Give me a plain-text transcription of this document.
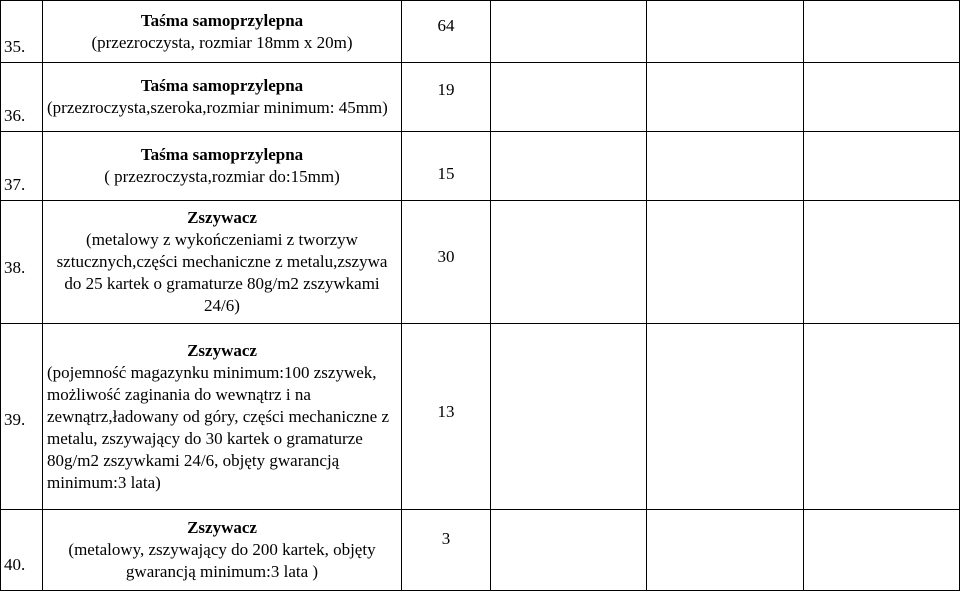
35.	Taśma samoprzylepna
(przezroczysta, rozmiar 18mm x 20m)	64			

36.	Taśma samoprzylepna
(przezroczysta,szeroka,rozmiar minimum: 45mm)	19			

37.	Taśma samoprzylepna
( przezroczysta,rozmiar do:15mm)	15			

38.	Zszywacz
(metalowy z wykończeniami z tworzyw sztucznych,części mechaniczne z metalu,zszywa do 25 kartek o gramaturze 80g/m2 zszywkami 24/6)	30			

39.	Zszywacz
(pojemność magazynku minimum:100 zszywek, możliwość zaginania do wewnątrz i na zewnątrz,ładowany od góry, części mechaniczne z metalu, zszywający do 30 kartek o gramaturze 80g/m2 zszywkami 24/6, objęty gwarancją minimum:3 lata)	13			

40.	Zszywacz
(metalowy, zszywający do 200 kartek, objęty gwarancją minimum:3 lata )	3			
